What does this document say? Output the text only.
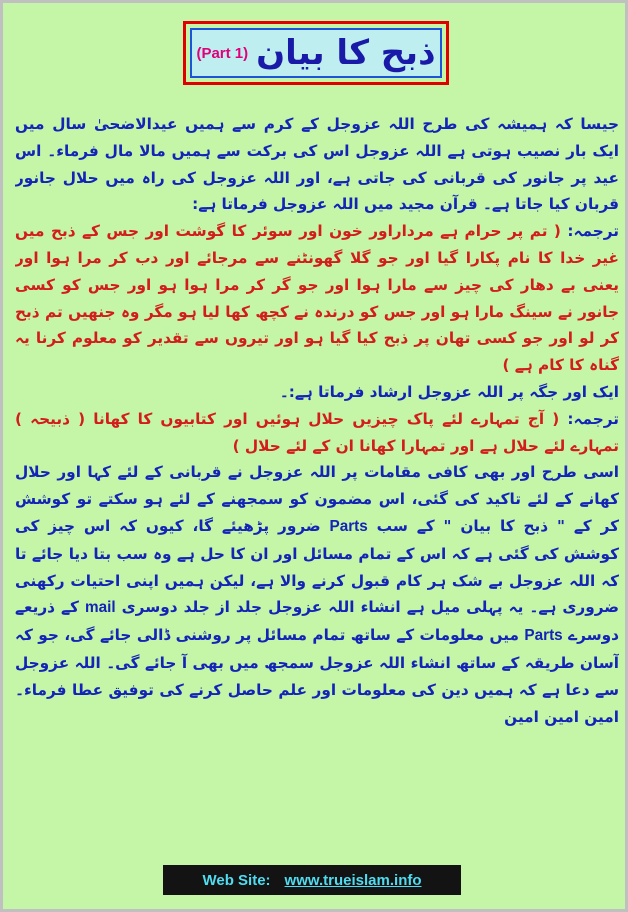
ذبح کا بیان
(Part 1)

جیسا کہ ہمیشہ کی طرح اللہ عزوجل کے کرم سے ہمیں عیدالاضحیٰ سال میں ایک بار نصیب ہوتی ہے اللہ عزوجل اس کی برکت سے ہمیں مالا مال فرماء۔ اس عید پر جانور کی قربانی کی جاتی ہے، اور اللہ عزوجل کی راہ میں حلال جانور قربان کیا جاتا ہے۔ قرآن مجید میں اللہ عزوجل فرماتا ہے:

ترجمہ: ( تم پر حرام ہے مرداراور خون اور سوئر کا گوشت اور جس کے ذبح میں غیر خدا کا نام پکارا گیا اور جو گلا گھونٹنے سے مرجائے اور دب کر مرا ہوا اور یعنی بے دھار کی چیز سے مارا ہوا اور جو گر کر مرا ہوا ہو اور جس کو کسی جانور نے سینگ مارا ہو اور جس کو درندہ نے کچھ کھا لیا ہو مگر وہ جنھیں تم ذبح کر لو اور جو کسی تھان پر ذبح کیا گیا ہو اور تیروں سے تقدیر کو معلوم کرنا یہ گناہ کا کام ہے )

ایک اور جگہ پر اللہ عزوجل ارشاد فرماتا ہے:۔

ترجمہ: ( آج تمہارے لئے پاک چیزیں حلال ہوئیں اور کتابیوں کا کھانا ( ذبیحہ ) تمہارے لئے حلال ہے اور تمہارا کھانا ان کے لئے حلال )

اسی طرح اور بھی کافی مقامات پر اللہ عزوجل نے قربانی کے لئے کہا اور حلال کھانے کے لئے تاکید کی گئی، اس مضمون کو سمجھنے کے لئے ہو سکتے تو کوشش کر کے " ذبح کا بیان " کے سب Parts ضرور پڑھیئے گا، کیوں کہ اس چیز کی کوشش کی گئی ہے کہ اس کے تمام مسائل اور ان کا حل ہے وہ سب بتا دیا جائے تا کہ اللہ عزوجل بے شک ہر کام قبول کرنے والا ہے، لیکن ہمیں اپنی احتیات رکھنی ضروری ہے۔ یہ پہلی میل ہے انشاء اللہ عزوجل جلد از جلد دوسری mail کے ذریعے دوسرے Parts میں معلومات کے ساتھ تمام مسائل پر روشنی ڈالی جائے گی، جو کہ آسان طریقہ کے ساتھ انشاء اللہ عزوجل سمجھ میں بھی آ جائے گی۔ اللہ عزوجل سے دعا ہے کہ ہمیں دین کی معلومات اور علم حاصل کرنے کی توفیق عطا فرماء۔ امین امین امین

Web Site: www.trueislam.info
